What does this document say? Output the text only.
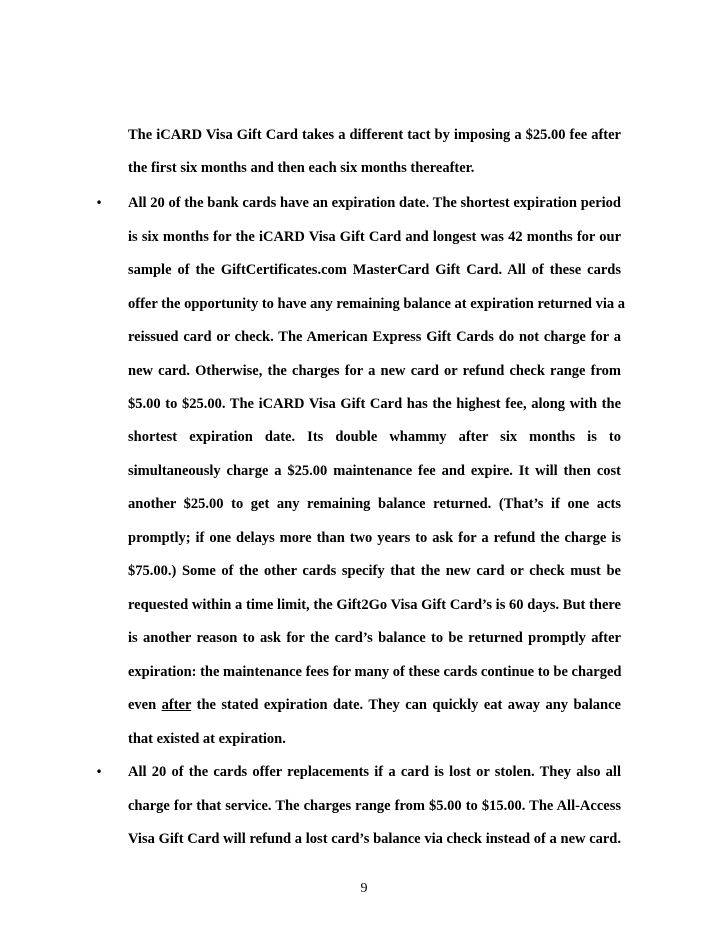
The iCARD Visa Gift Card takes a different tact by imposing a $25.00 fee after
the first six months and then each six months thereafter.
• All 20 of the bank cards have an expiration date. The shortest expiration period
is six months for the iCARD Visa Gift Card and longest was 42 months for our
sample of the GiftCertificates.com MasterCard Gift Card. All of these cards
offer the opportunity to have any remaining balance at expiration returned via a
reissued card or check. The American Express Gift Cards do not charge for a
new card. Otherwise, the charges for a new card or refund check range from
$5.00 to $25.00. The iCARD Visa Gift Card has the highest fee, along with the
shortest expiration date. Its double whammy after six months is to
simultaneously charge a $25.00 maintenance fee and expire. It will then cost
another $25.00 to get any remaining balance returned. (That’s if one acts
promptly; if one delays more than two years to ask for a refund the charge is
$75.00.) Some of the other cards specify that the new card or check must be
requested within a time limit, the Gift2Go Visa Gift Card’s is 60 days. But there
is another reason to ask for the card’s balance to be returned promptly after
expiration: the maintenance fees for many of these cards continue to be charged
even after the stated expiration date. They can quickly eat away any balance
that existed at expiration.
• All 20 of the cards offer replacements if a card is lost or stolen. They also all
charge for that service. The charges range from $5.00 to $15.00. The All-Access
Visa Gift Card will refund a lost card’s balance via check instead of a new card.
9
